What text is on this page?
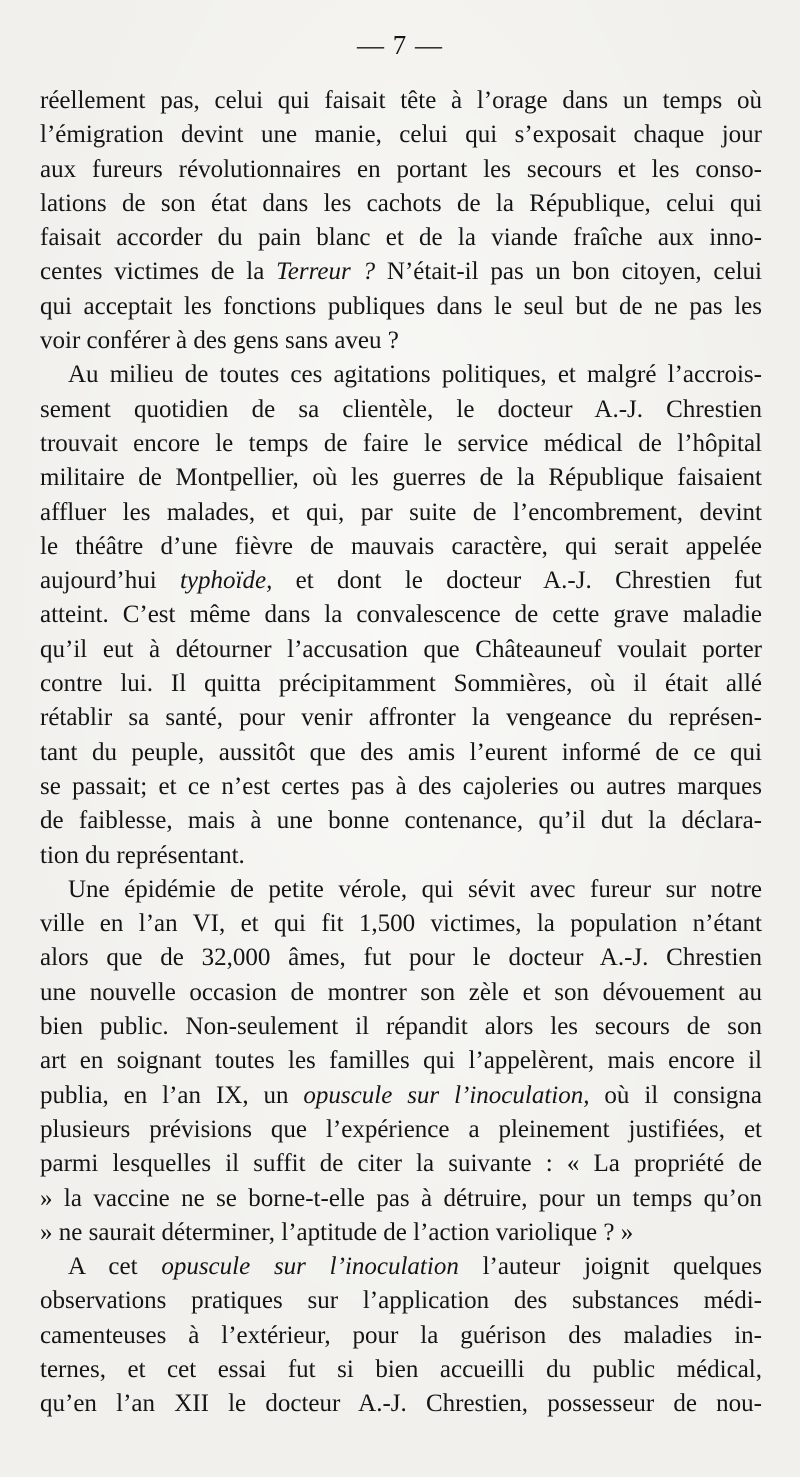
— 7 —
réellement pas, celui qui faisait tête à l’orage dans un temps où
l’émigration devint une manie, celui qui s’exposait chaque jour
aux fureurs révolutionnaires en portant les secours et les conso-
lations de son état dans les cachots de la République, celui qui
faisait accorder du pain blanc et de la viande fraîche aux inno-
centes victimes de la Terreur ? N’était-il pas un bon citoyen, celui
qui acceptait les fonctions publiques dans le seul but de ne pas les
voir conférer à des gens sans aveu ?
Au milieu de toutes ces agitations politiques, et malgré l’accrois-
sement quotidien de sa clientèle, le docteur A.-J. Chrestien
trouvait encore le temps de faire le service médical de l’hôpital
militaire de Montpellier, où les guerres de la République faisaient
affluer les malades, et qui, par suite de l’encombrement, devint
le théâtre d’une fièvre de mauvais caractère, qui serait appelée
aujourd’hui typhoïde, et dont le docteur A.-J. Chrestien fut
atteint. C’est même dans la convalescence de cette grave maladie
qu’il eut à détourner l’accusation que Châteauneuf voulait porter
contre lui. Il quitta précipitamment Sommières, où il était allé
rétablir sa santé, pour venir affronter la vengeance du représen-
tant du peuple, aussitôt que des amis l’eurent informé de ce qui
se passait; et ce n’est certes pas à des cajoleries ou autres marques
de faiblesse, mais à une bonne contenance, qu’il dut la déclara-
tion du représentant.
Une épidémie de petite vérole, qui sévit avec fureur sur notre
ville en l’an VI, et qui fit 1,500 victimes, la population n’étant
alors que de 32,000 âmes, fut pour le docteur A.-J. Chrestien
une nouvelle occasion de montrer son zèle et son dévouement au
bien public. Non-seulement il répandit alors les secours de son
art en soignant toutes les familles qui l’appelèrent, mais encore il
publia, en l’an IX, un opuscule sur l’inoculation, où il consigna
plusieurs prévisions que l’expérience a pleinement justifiées, et
parmi lesquelles il suffit de citer la suivante : « La propriété de
» la vaccine ne se borne-t-elle pas à détruire, pour un temps qu’on
» ne saurait déterminer, l’aptitude de l’action variolique ? »
A cet opuscule sur l’inoculation l’auteur joignit quelques
observations pratiques sur l’application des substances médi-
camenteuses à l’extérieur, pour la guérison des maladies in-
ternes, et cet essai fut si bien accueilli du public médical,
qu’en l’an XII le docteur A.-J. Chrestien, possesseur de nou-
